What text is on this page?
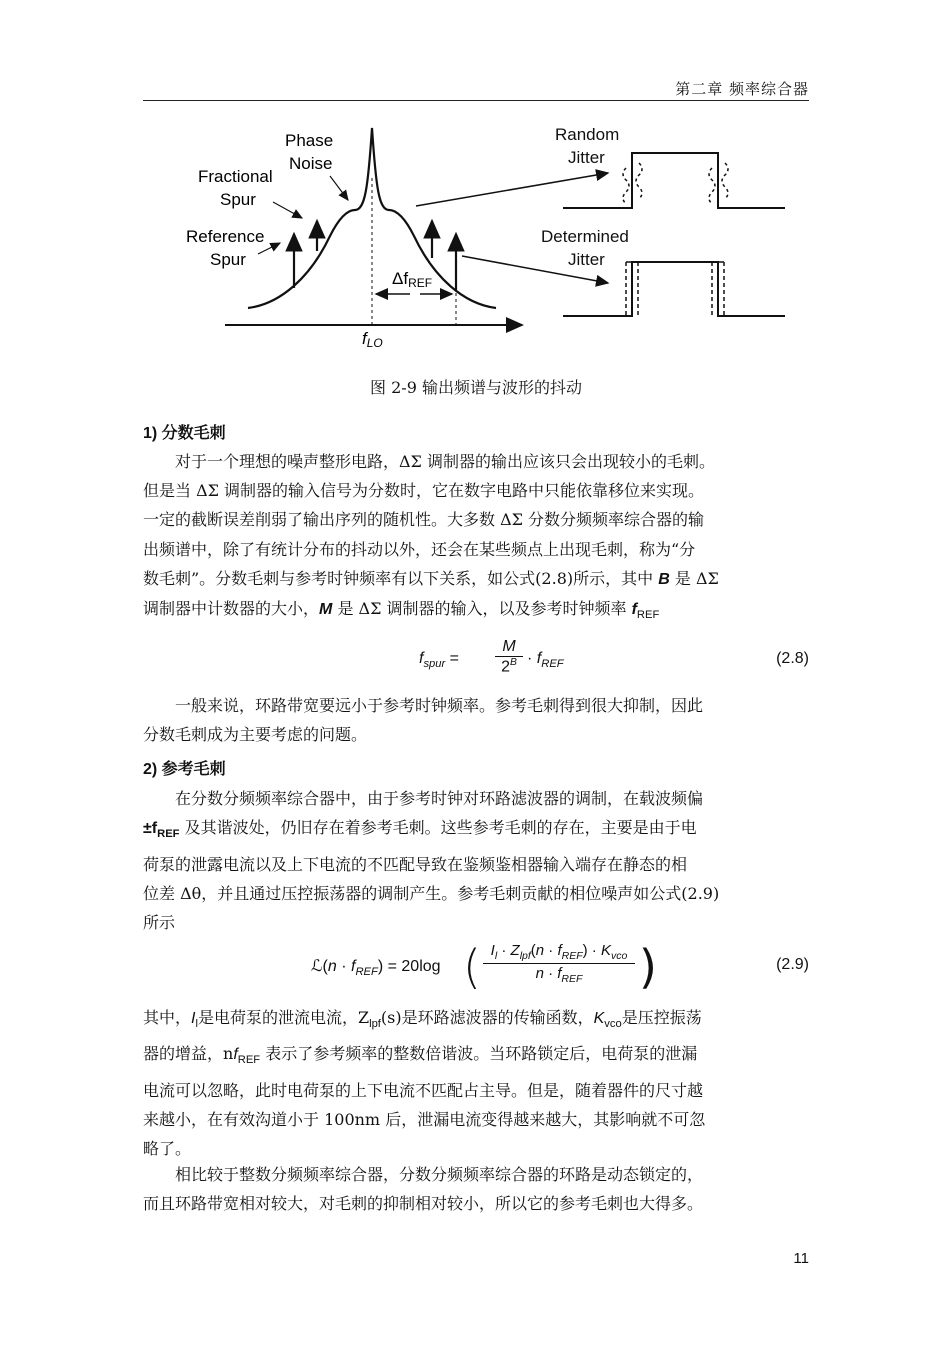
第二章 频率综合器
Phase
Noise
Fractional
Spur
Reference
Spur
ΔfREF
fLO
Random
Jitter
Determined
Jitter
图 2-9 输出频谱与波形的抖动
1) 分数毛刺

对于一个理想的噪声整形电路，ΔΣ 调制器的输出应该只会出现较小的毛刺。
但是当 ΔΣ 调制器的输入信号为分数时，它在数字电路中只能依靠移位来实现。
一定的截断误差削弱了输出序列的随机性。大多数 ΔΣ 分数分频频率综合器的输
出频谱中，除了有统计分布的抖动以外，还会在某些频点上出现毛刺，称为“分
数毛刺”。分数毛刺与参考时钟频率有以下关系，如公式(2.8)所示，其中 B 是 ΔΣ
调制器中计数器的大小，M 是 ΔΣ 调制器的输入，以及参考时钟频率 $f_{REF}$

$f_{spur}$ =
M
$2^B \cdot f_{REF}$	(2.8)
一般来说，环路带宽要远小于参考时钟频率。参考毛刺得到很大抑制，因此
分数毛刺成为主要考虑的问题。
2) 参考毛刺
在分数分频频率综合器中，由于参考时钟对环路滤波器的调制，在载波频偏
$\pm f_{REF}$ 及其谐波处，仍旧存在着参考毛刺。这些参考毛刺的存在，主要是由于电
荷泵的泄露电流以及上下电流的不匹配导致在鉴频鉴相器输入端存在静态的相
位差 Δθ，并且通过压控振荡器的调制产生。参考毛刺贡献的相位噪声如公式(2.9)
所示
ℒ(n · $f_{REF}) = 20\log$ ( $I_l \cdot Z_{lpf}(n \cdot f_{REF}) \cdot K_{vco}$
$n \cdot f_{REF}$	)	(2.9)
其中，$I_l$是电荷泵的泄流电流，$Z_{lpf}(s)$是环路滤波器的传输函数，$K_{vco}$是压控振荡
器的增益，$nf_{REF}$ 表示了参考频率的整数倍谐波。当环路锁定后，电荷泵的泄漏
电流可以忽略，此时电荷泵的上下电流不匹配占主导。但是，随着器件的尺寸越
来越小，在有效沟道小于 100nm 后，泄漏电流变得越来越大，其影响就不可忽
略了。
相比较于整数分频频率综合器，分数分频频率综合器的环路是动态锁定的，
而且环路带宽相对较大，对毛刺的抑制相对较小，所以它的参考毛刺也大得多。
11
